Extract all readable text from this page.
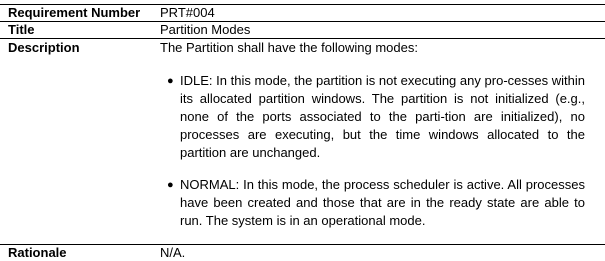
Requirement Number	PRT#004
Title	Partition Modes
Description	The Partition shall have the following modes:
● IDLE: In this mode, the partition is not executing any pro-cesses within its allocated partition windows. The partition is not initialized (e.g., none of the ports associated to the parti-tion are initialized), no processes are executing, but the time windows allocated to the partition are unchanged.
● NORMAL: In this mode, the process scheduler is active. All processes have been created and those that are in the ready state are able to run. The system is in an operational mode.
Rationale	N/A.
